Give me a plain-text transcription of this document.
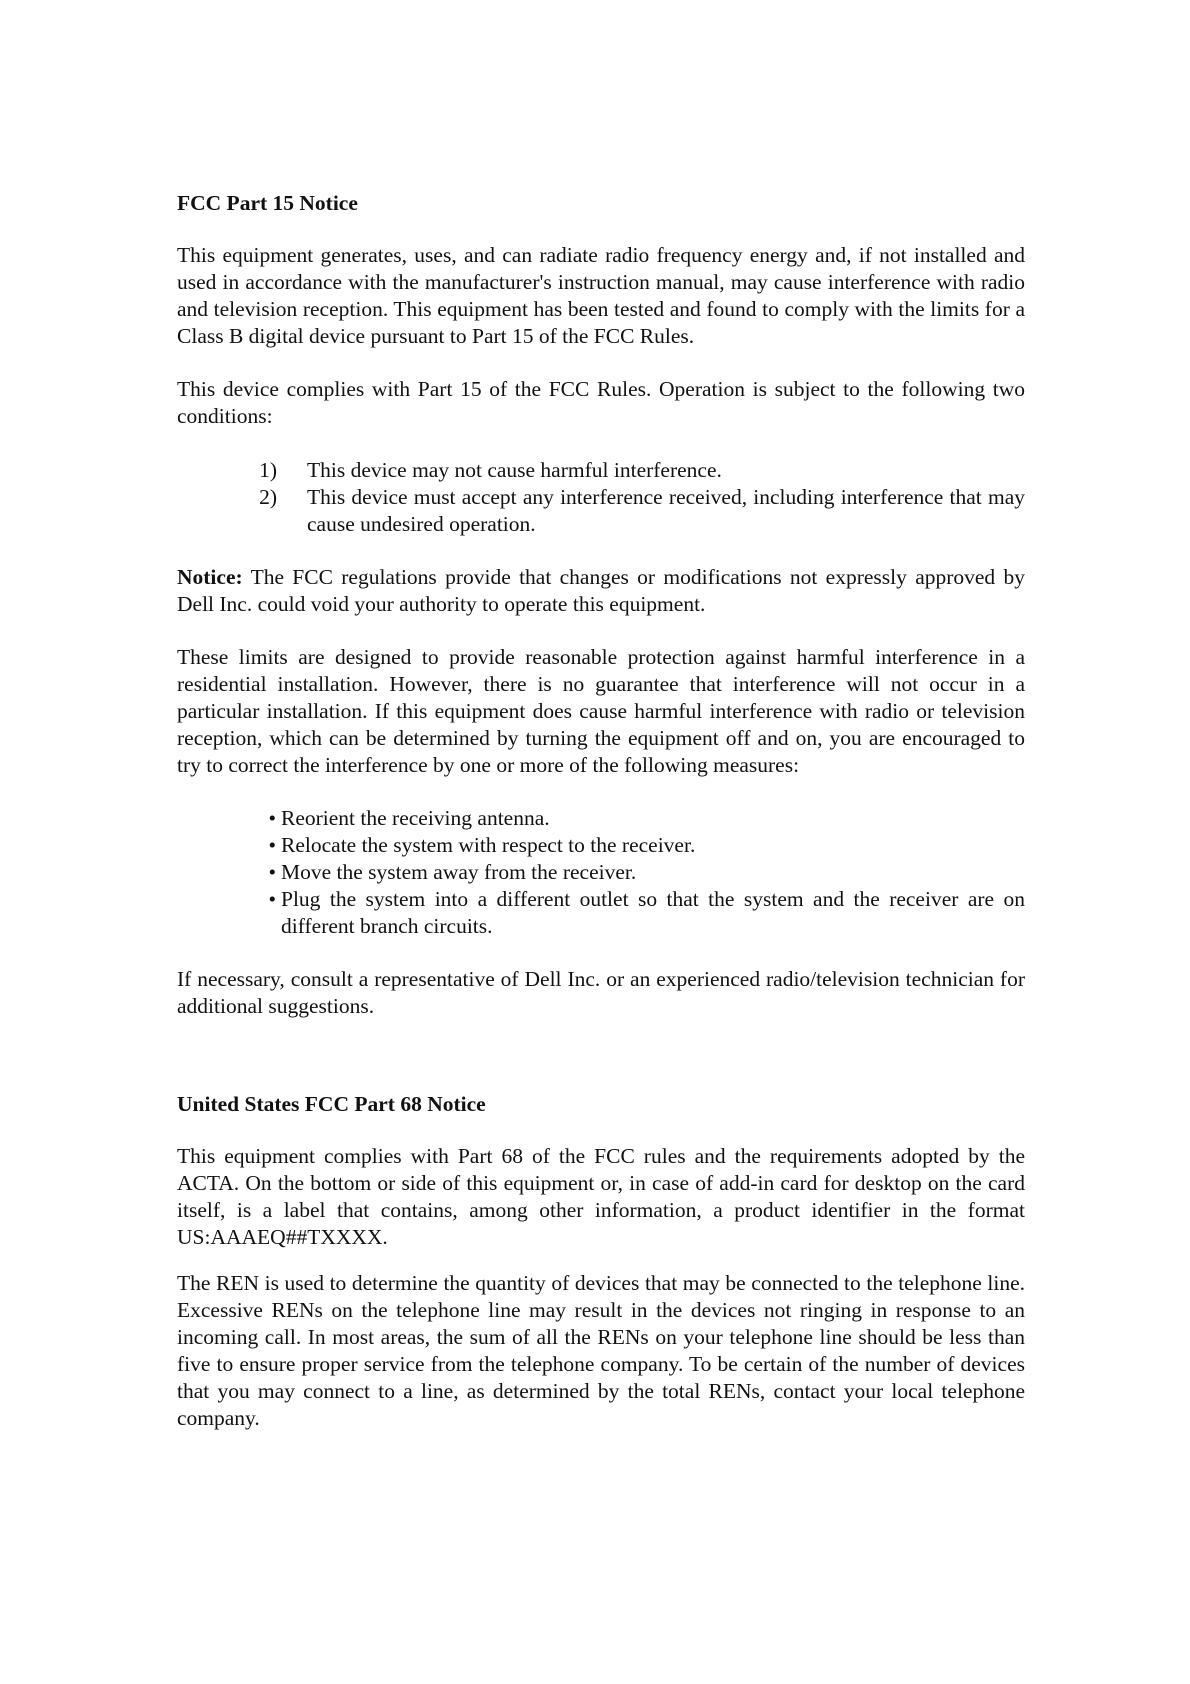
FCC Part 15 Notice

This equipment generates, uses, and can radiate radio frequency energy and, if not installed and used in accordance with the manufacturer's instruction manual, may cause interference with radio and television reception. This equipment has been tested and found to comply with the limits for a Class B digital device pursuant to Part 15 of the FCC Rules.

This device complies with Part 15 of the FCC Rules. Operation is subject to the following two conditions:

1)	This device may not cause harmful interference.
2)	This device must accept any interference received, including interference that may cause undesired operation.

Notice: The FCC regulations provide that changes or modifications not expressly approved by Dell Inc. could void your authority to operate this equipment.

These limits are designed to provide reasonable protection against harmful interference in a residential installation. However, there is no guarantee that interference will not occur in a particular installation. If this equipment does cause harmful interference with radio or television reception, which can be determined by turning the equipment off and on, you are encouraged to try to correct the interference by one or more of the following measures:

• Reorient the receiving antenna.
• Relocate the system with respect to the receiver.
• Move the system away from the receiver.
• Plug the system into a different outlet so that the system and the receiver are on different branch circuits.

If necessary, consult a representative of Dell Inc. or an experienced radio/television technician for additional suggestions.

United States FCC Part 68 Notice

This equipment complies with Part 68 of the FCC rules and the requirements adopted by the ACTA. On the bottom or side of this equipment or, in case of add-in card for desktop on the card itself, is a label that contains, among other information, a product identifier in the format US:AAAEQ##TXXXX.

The REN is used to determine the quantity of devices that may be connected to the telephone line. Excessive RENs on the telephone line may result in the devices not ringing in response to an incoming call. In most areas, the sum of all the RENs on your telephone line should be less than five to ensure proper service from the telephone company. To be certain of the number of devices that you may connect to a line, as determined by the total RENs, contact your local telephone company.
